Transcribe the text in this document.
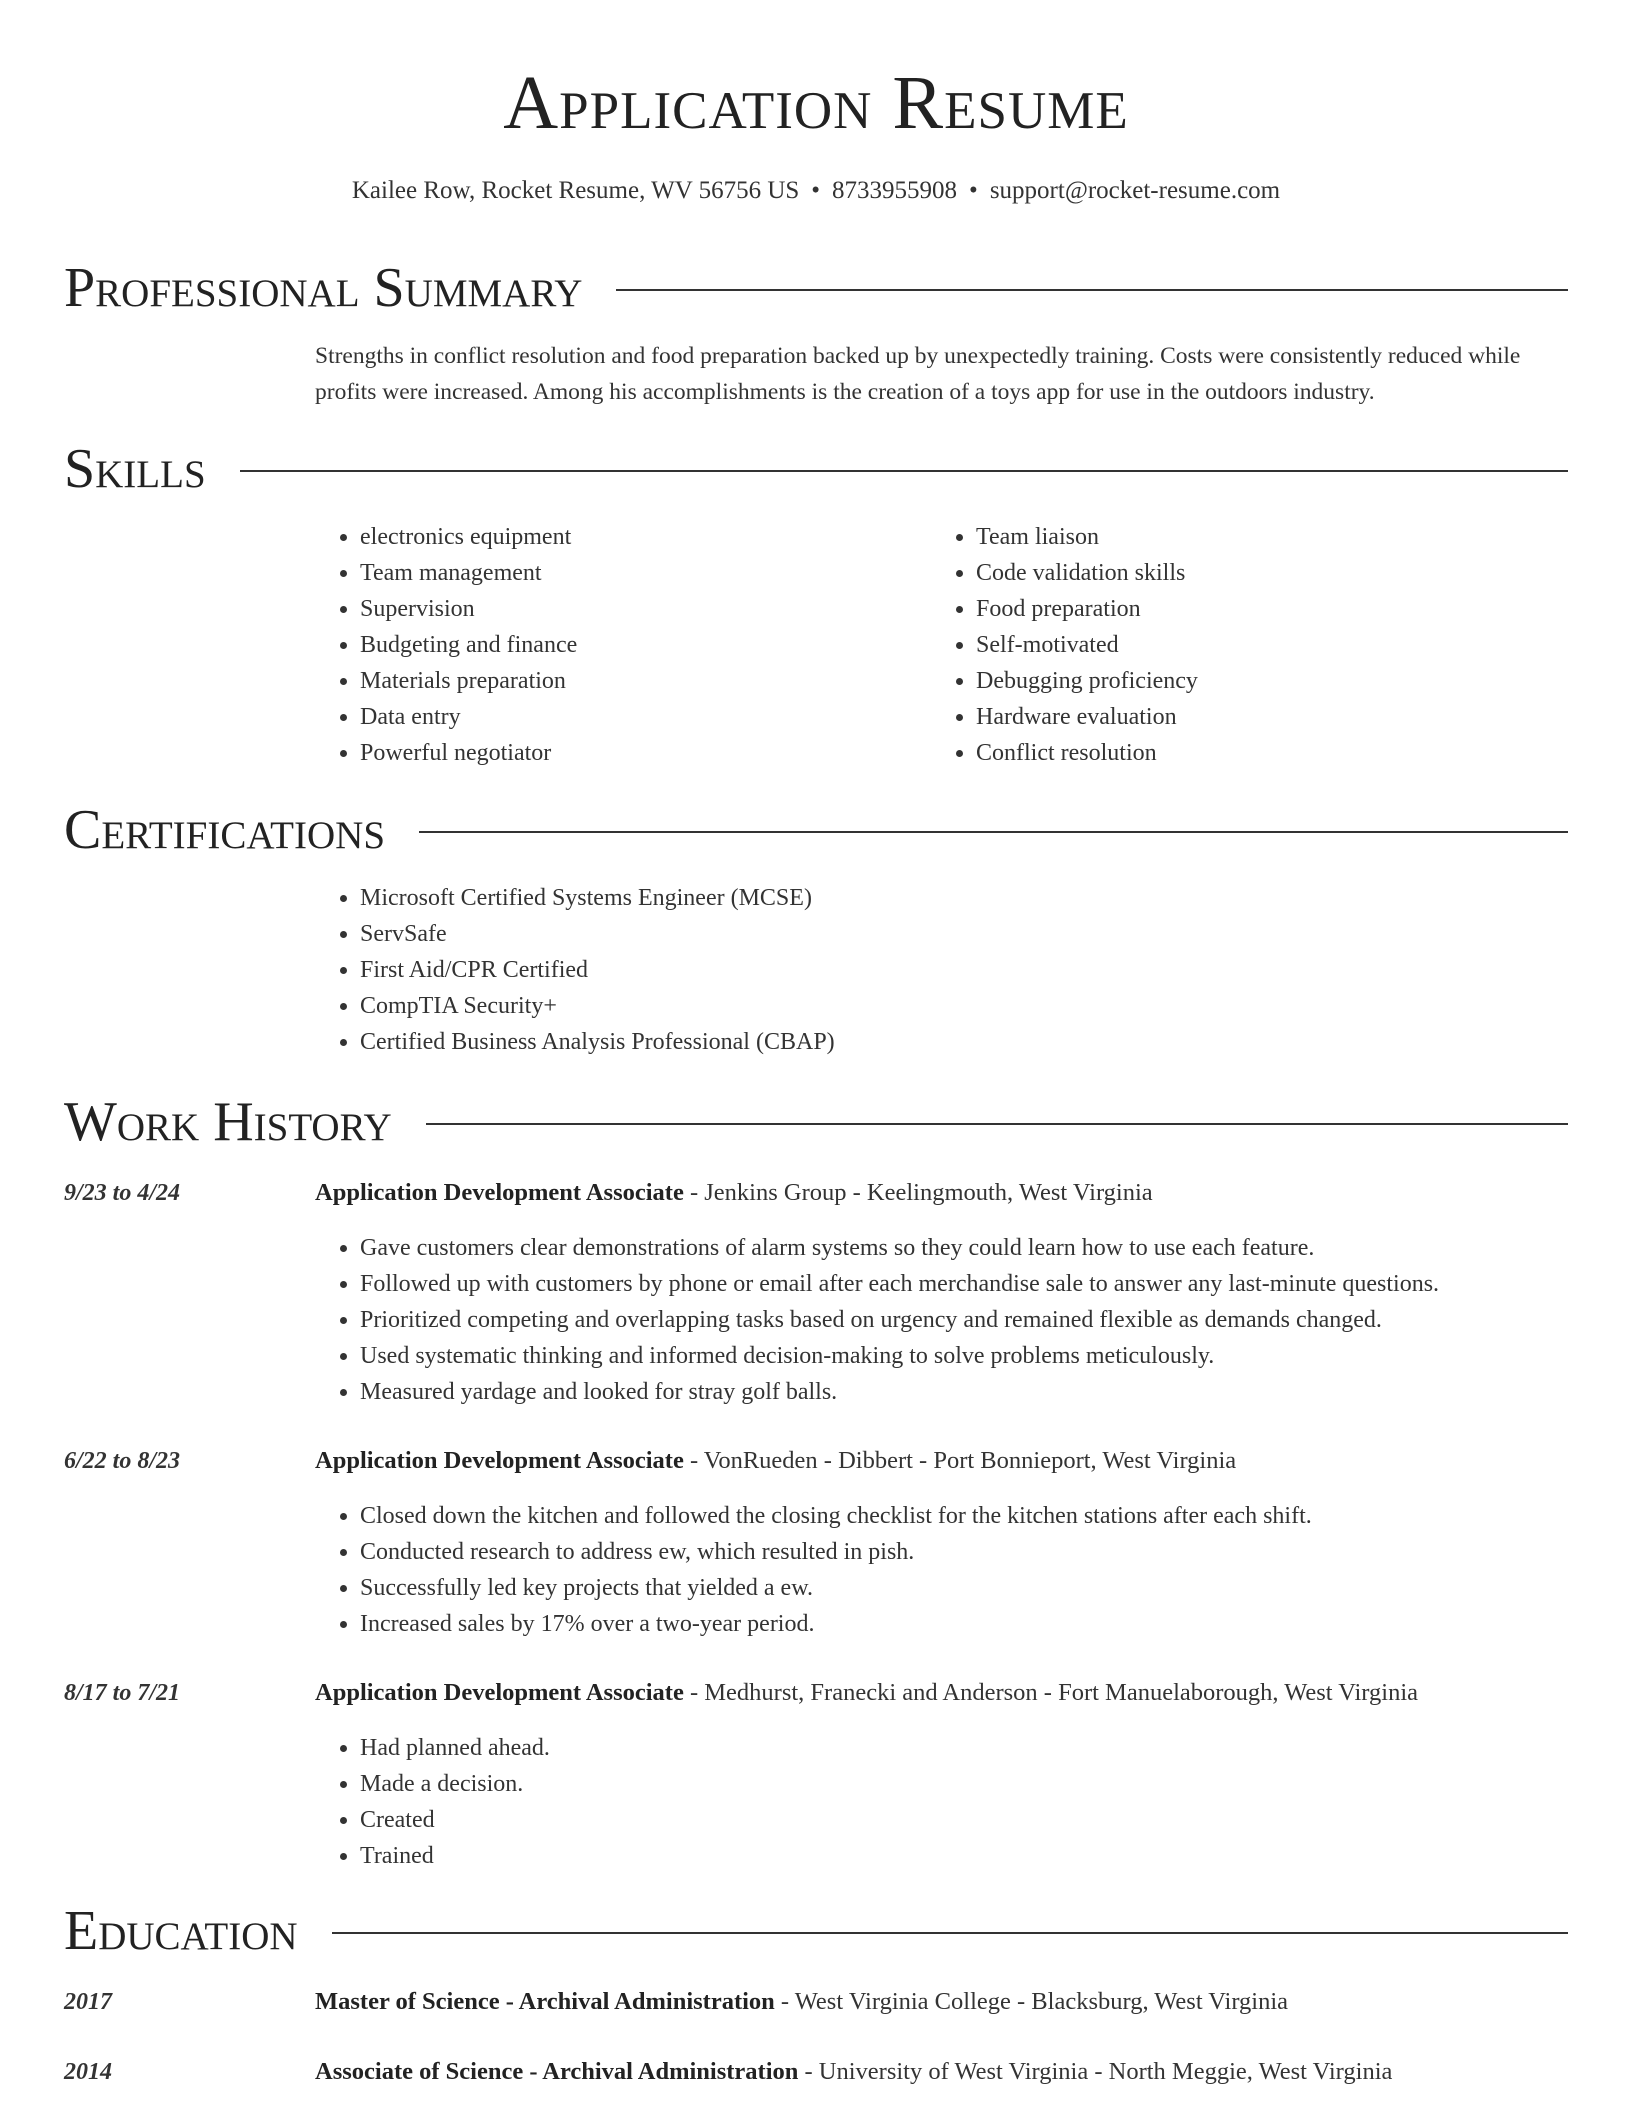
Application Resume
Kailee Row, Rocket Resume, WV 56756 US • 8733955908 • support@rocket-resume.com
Professional Summary
Strengths in conflict resolution and food preparation backed up by unexpectedly training. Costs were consistently reduced while profits were increased. Among his accomplishments is the creation of a toys app for use in the outdoors industry.
Skills
• electronics equipment
• Team management
• Supervision
• Budgeting and finance
• Materials preparation
• Data entry
• Powerful negotiator
• Team liaison
• Code validation skills
• Food preparation
• Self-motivated
• Debugging proficiency
• Hardware evaluation
• Conflict resolution
Certifications
• Microsoft Certified Systems Engineer (MCSE)
• ServSafe
• First Aid/CPR Certified
• CompTIA Security+
• Certified Business Analysis Professional (CBAP)
Work History
9/23 to 4/24	Application Development Associate - Jenkins Group - Keelingmouth, West Virginia
• Gave customers clear demonstrations of alarm systems so they could learn how to use each feature.
• Followed up with customers by phone or email after each merchandise sale to answer any last-minute questions.
• Prioritized competing and overlapping tasks based on urgency and remained flexible as demands changed.
• Used systematic thinking and informed decision-making to solve problems meticulously.
• Measured yardage and looked for stray golf balls.
6/22 to 8/23	Application Development Associate - VonRueden - Dibbert - Port Bonnieport, West Virginia
• Closed down the kitchen and followed the closing checklist for the kitchen stations after each shift.
• Conducted research to address ew, which resulted in pish.
• Successfully led key projects that yielded a ew.
• Increased sales by 17% over a two-year period.
8/17 to 7/21	Application Development Associate - Medhurst, Franecki and Anderson - Fort Manuelaborough, West Virginia
• Had planned ahead.
• Made a decision.
• Created
• Trained
Education
2017	Master of Science - Archival Administration - West Virginia College - Blacksburg, West Virginia
2014	Associate of Science - Archival Administration - University of West Virginia - North Meggie, West Virginia
